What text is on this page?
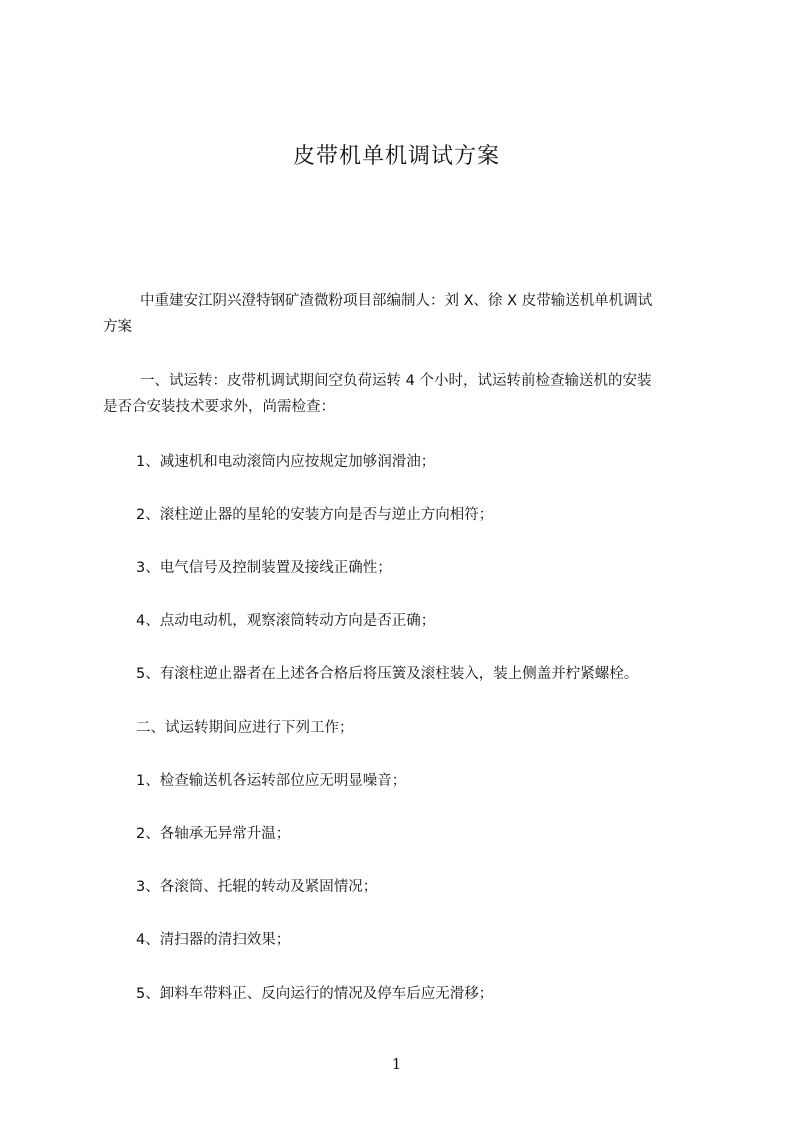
皮带机单机调试方案
中重建安江阴兴澄特钢矿渣微粉项目部编制人：刘 X、徐 X 皮带输送机单机调试
方案
一、试运转：皮带机调试期间空负荷运转 4 个小时，试运转前检查输送机的安装
是否合安装技术要求外，尚需检查：
1、减速机和电动滚筒内应按规定加够润滑油；
2、滚柱逆止器的星轮的安装方向是否与逆止方向相符；
3、电气信号及控制装置及接线正确性；
4、点动电动机，观察滚筒转动方向是否正确；
5、有滚柱逆止器者在上述各合格后将压簧及滚柱装入，装上侧盖并柠紧螺栓。
二、试运转期间应进行下列工作；
1、检查输送机各运转部位应无明显噪音；
2、各轴承无异常升温；
3、各滚筒、托辊的转动及紧固情况；
4、清扫器的清扫效果；
5、卸料车带料正、反向运行的情况及停车后应无滑移；
1
